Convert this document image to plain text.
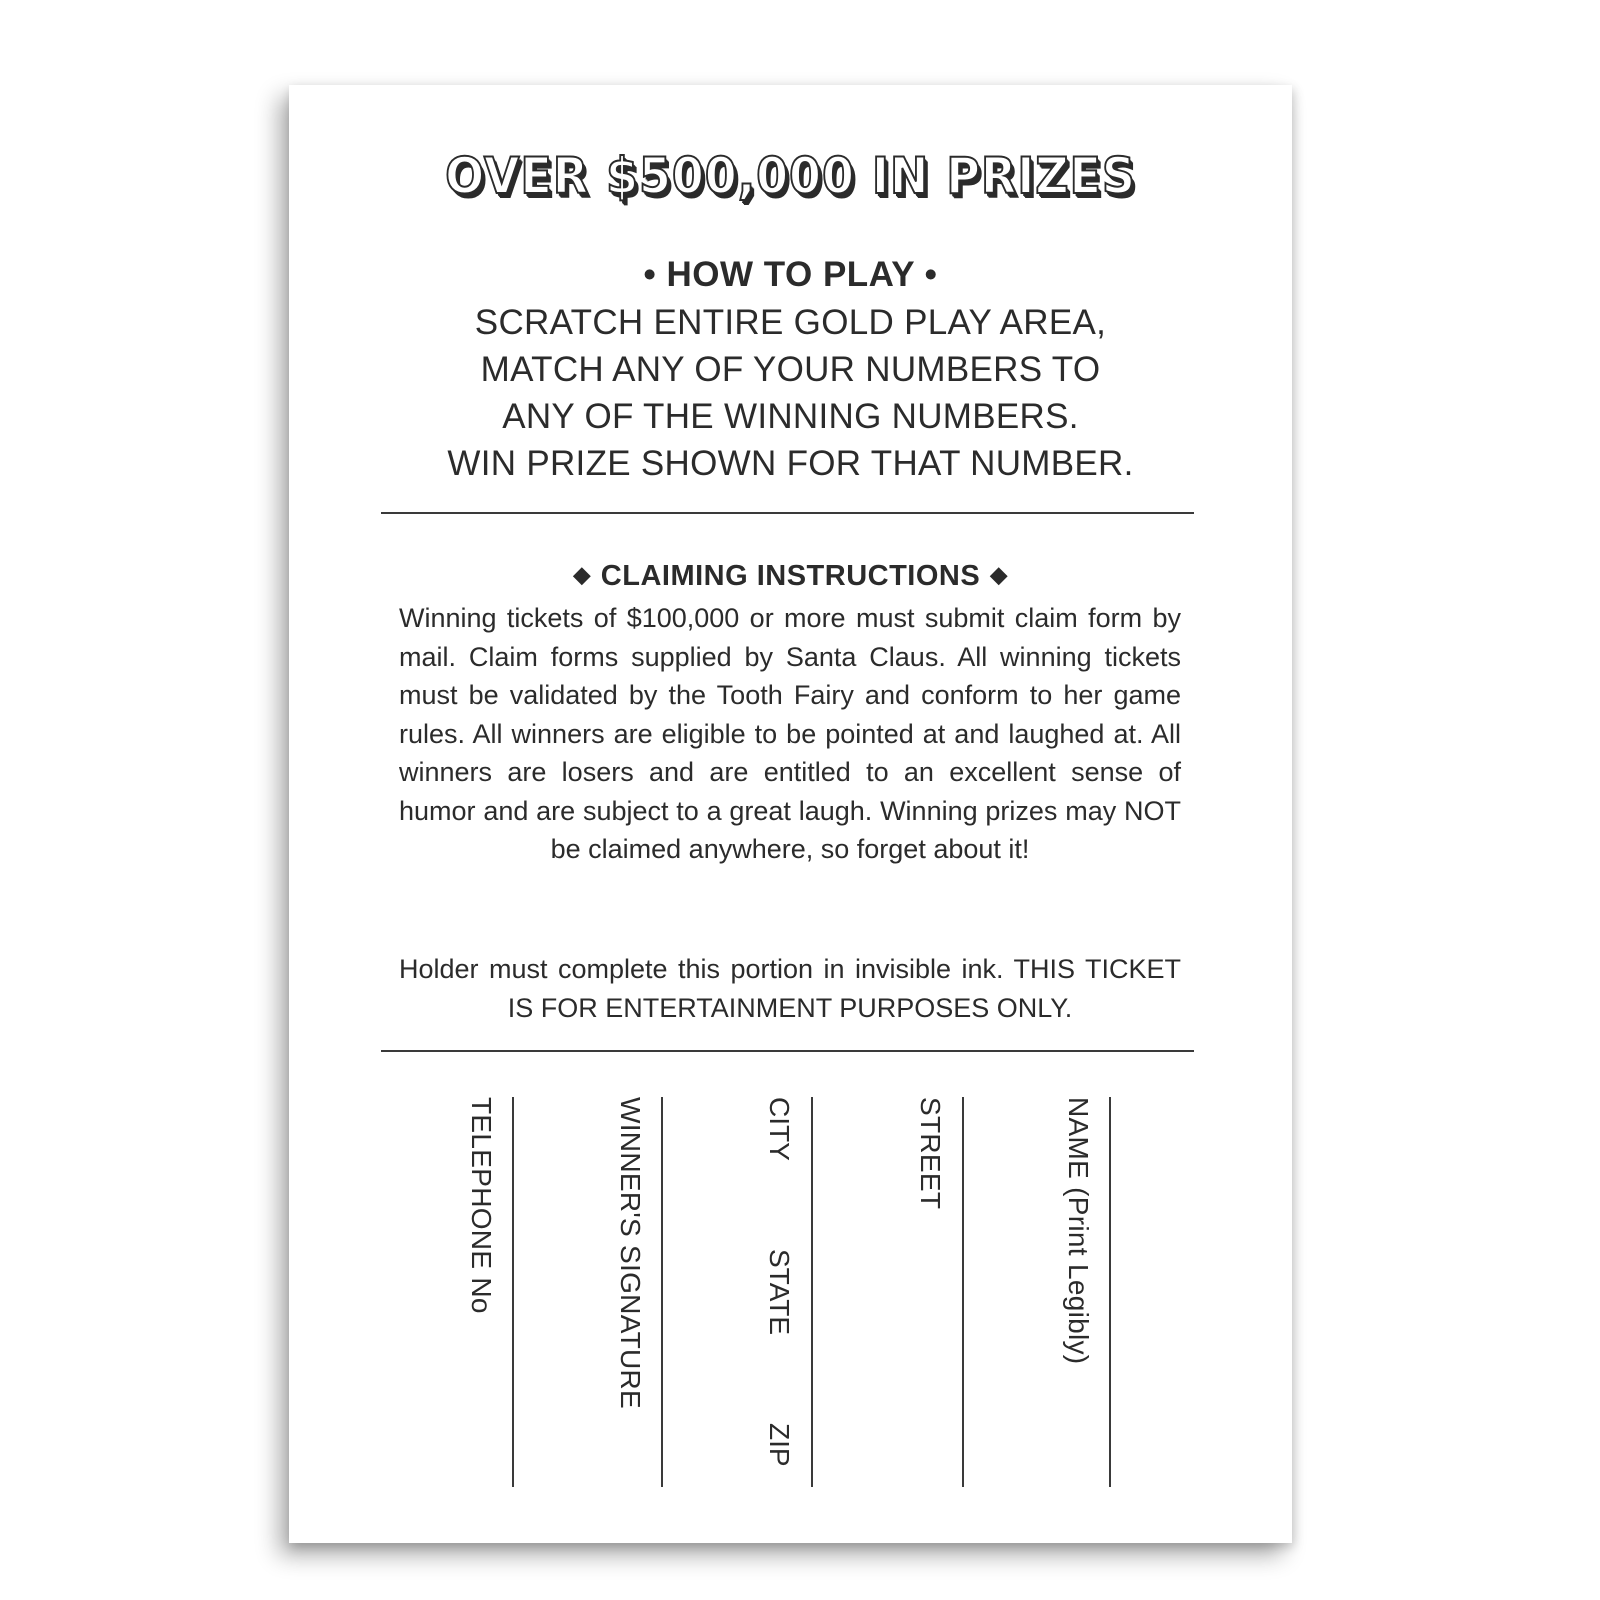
OVER $500,000 IN PRIZES
• HOW TO PLAY •
SCRATCH ENTIRE GOLD PLAY AREA,
MATCH ANY OF YOUR NUMBERS TO
ANY OF THE WINNING NUMBERS.
WIN PRIZE SHOWN FOR THAT NUMBER.
◆ CLAIMING INSTRUCTIONS ◆
Winning tickets of $100,000 or more must submit claim form by mail. Claim forms supplied by Santa Claus. All winning tickets must be validated by the Tooth Fairy and conform to her game rules. All winners are eligible to be pointed at and laughed at. All winners are losers and are entitled to an excellent sense of humor and are subject to a great laugh. Winning prizes may NOT be claimed anywhere, so forget about it!
Holder must complete this portion in invisible ink. THIS TICKET IS FOR ENTERTAINMENT PURPOSES ONLY.
NAME (Print Legibly)
STREET
CITY
STATE
ZIP
WINNER'S SIGNATURE
TELEPHONE No
